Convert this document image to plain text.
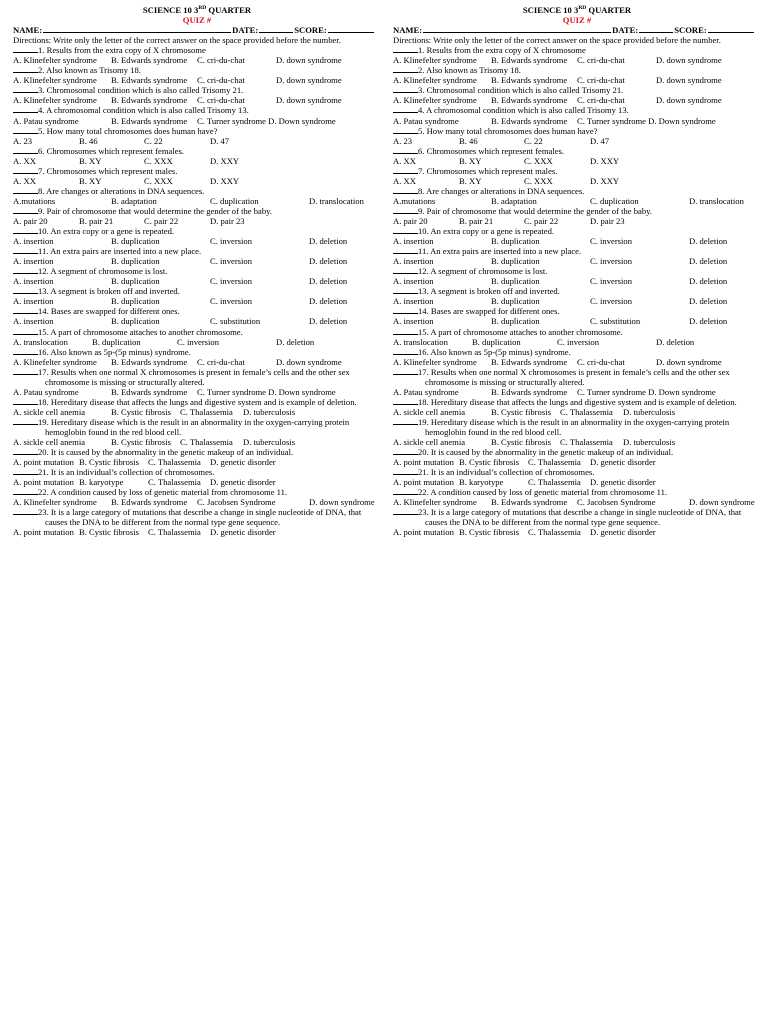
SCIENCE 10 3RD QUARTER
QUIZ #
NAME:	DATE:	SCORE:
Directions: Write only the letter of the correct answer on the space provided before the number.
1. Results from the extra copy of X chromosome
A. Klinefelter syndrome B. Edwards syndrome C. cri-du-chat	D. down syndrome
2. Also known as Trisomy 18.
A. Klinefelter syndrome B. Edwards syndrome C. cri-du-chat	D. down syndrome
3. Chromosomal condition which is also called Trisomy 21.
A. Klinefelter syndrome B. Edwards syndrome C. cri-du-chat	D. down syndrome
4. A chromosomal condition which is also called Trisomy 13.
A. Patau syndrome	B. Edwards syndrome C. Turner syndrome D. Down syndrome
5. How many total chromosomes does human have?
A. 23	B. 46	C. 22	D. 47
6. Chromosomes which represent females.
A. XX	B. XY	C. XXX	D. XXY
7. Chromosomes which represent males.
A. XX	B. XY	C. XXX	D. XXY
8. Are changes or alterations in DNA sequences.
A.mutations	B. adaptation	C. duplication	D. translocation
9. Pair of chromosome that would determine the gender of the baby.
A. pair 20	B. pair 21	C. pair 22	D. pair 23
10. An extra copy or a gene is repeated.
A. insertion	B. duplication	C. inversion	D. deletion
11. An extra pairs are inserted into a new place.
A. insertion	B. duplication	C. inversion	D. deletion
12. A segment of chromosome is lost.
A. insertion	B. duplication	C. inversion	D. deletion
13. A segment is broken off and inverted.
A. insertion	B. duplication	C. inversion	D. deletion
14. Bases are swapped for different ones.
A. insertion	B. duplication	C. substitution	D. deletion
15. A part of chromosome attaches to another chromosome.
A. translocation	B. duplication	C. inversion	D. deletion
16. Also known as 5p-(5p minus) syndrome.
A. Klinefelter syndrome B. Edwards syndrome C. cri-du-chat	D. down syndrome
17. Results when one normal X chromosomes is present in female’s cells and the other sex
chromosome is missing or structurally altered.
A. Patau syndrome	B. Edwards syndrome C. Turner syndrome D. Down syndrome
18. Hereditary disease that affects the lungs and digestive system and is example of deletion.
A. sickle cell anemia	B. Cystic fibrosis C. Thalassemia D. tuberculosis
19. Hereditary disease which is the result in an abnormality in the oxygen-carrying protein
hemoglobin found in the red blood cell.
A. sickle cell anemia	B. Cystic fibrosis C. Thalassemia D. tuberculosis
20. It is caused by the abnormality in the genetic makeup of an individual.
A. point mutation B. Cystic fibrosis C. Thalassemia D. genetic disorder
21. It is an individual’s collection of chromosomes.
A. point mutation B. karyotype	C. Thalassemia D. genetic disorder
22. A condition caused by loss of genetic material from chromosome 11.
A. Klinefelter syndrome B. Edwards syndrome C. Jacobsen Syndrome	D. down syndrome
23. It is a large category of mutations that describe a change in single nucleotide of DNA, that
causes the DNA to be different from the normal type gene sequence.
A. point mutation B. Cystic fibrosis C. Thalassemia D. genetic disorder
SCIENCE 10 3RD QUARTER
QUIZ #
NAME:	DATE:	SCORE:
Directions: Write only the letter of the correct answer on the space provided before the number.
1. Results from the extra copy of X chromosome
A. Klinefelter syndrome B. Edwards syndrome C. cri-du-chat	D. down syndrome
2. Also known as Trisomy 18.
A. Klinefelter syndrome B. Edwards syndrome C. cri-du-chat	D. down syndrome
3. Chromosomal condition which is also called Trisomy 21.
A. Klinefelter syndrome B. Edwards syndrome C. cri-du-chat	D. down syndrome
4. A chromosomal condition which is also called Trisomy 13.
A. Patau syndrome	B. Edwards syndrome C. Turner syndrome D. Down syndrome
5. How many total chromosomes does human have?
A. 23	B. 46	C. 22	D. 47
6. Chromosomes which represent females.
A. XX	B. XY	C. XXX	D. XXY
7. Chromosomes which represent males.
A. XX	B. XY	C. XXX	D. XXY
8. Are changes or alterations in DNA sequences.
A.mutations	B. adaptation	C. duplication	D. translocation
9. Pair of chromosome that would determine the gender of the baby.
A. pair 20	B. pair 21	C. pair 22	D. pair 23
10. An extra copy or a gene is repeated.
A. insertion	B. duplication	C. inversion	D. deletion
11. An extra pairs are inserted into a new place.
A. insertion	B. duplication	C. inversion	D. deletion
12. A segment of chromosome is lost.
A. insertion	B. duplication	C. inversion	D. deletion
13. A segment is broken off and inverted.
A. insertion	B. duplication	C. inversion	D. deletion
14. Bases are swapped for different ones.
A. insertion	B. duplication	C. substitution	D. deletion
15. A part of chromosome attaches to another chromosome.
A. translocation	B. duplication	C. inversion	D. deletion
16. Also known as 5p-(5p minus) syndrome.
A. Klinefelter syndrome B. Edwards syndrome C. cri-du-chat	D. down syndrome
17. Results when one normal X chromosomes is present in female’s cells and the other sex
chromosome is missing or structurally altered.
A. Patau syndrome	B. Edwards syndrome C. Turner syndrome D. Down syndrome
18. Hereditary disease that affects the lungs and digestive system and is example of deletion.
A. sickle cell anemia	B. Cystic fibrosis C. Thalassemia D. tuberculosis
19. Hereditary disease which is the result in an abnormality in the oxygen-carrying protein
hemoglobin found in the red blood cell.
A. sickle cell anemia	B. Cystic fibrosis C. Thalassemia D. tuberculosis
20. It is caused by the abnormality in the genetic makeup of an individual.
A. point mutation B. Cystic fibrosis C. Thalassemia D. genetic disorder
21. It is an individual’s collection of chromosomes.
A. point mutation B. karyotype	C. Thalassemia D. genetic disorder
22. A condition caused by loss of genetic material from chromosome 11.
A. Klinefelter syndrome B. Edwards syndrome C. Jacobsen Syndrome	D. down syndrome
23. It is a large category of mutations that describe a change in single nucleotide of DNA, that
causes the DNA to be different from the normal type gene sequence.
A. point mutation B. Cystic fibrosis C. Thalassemia D. genetic disorder
